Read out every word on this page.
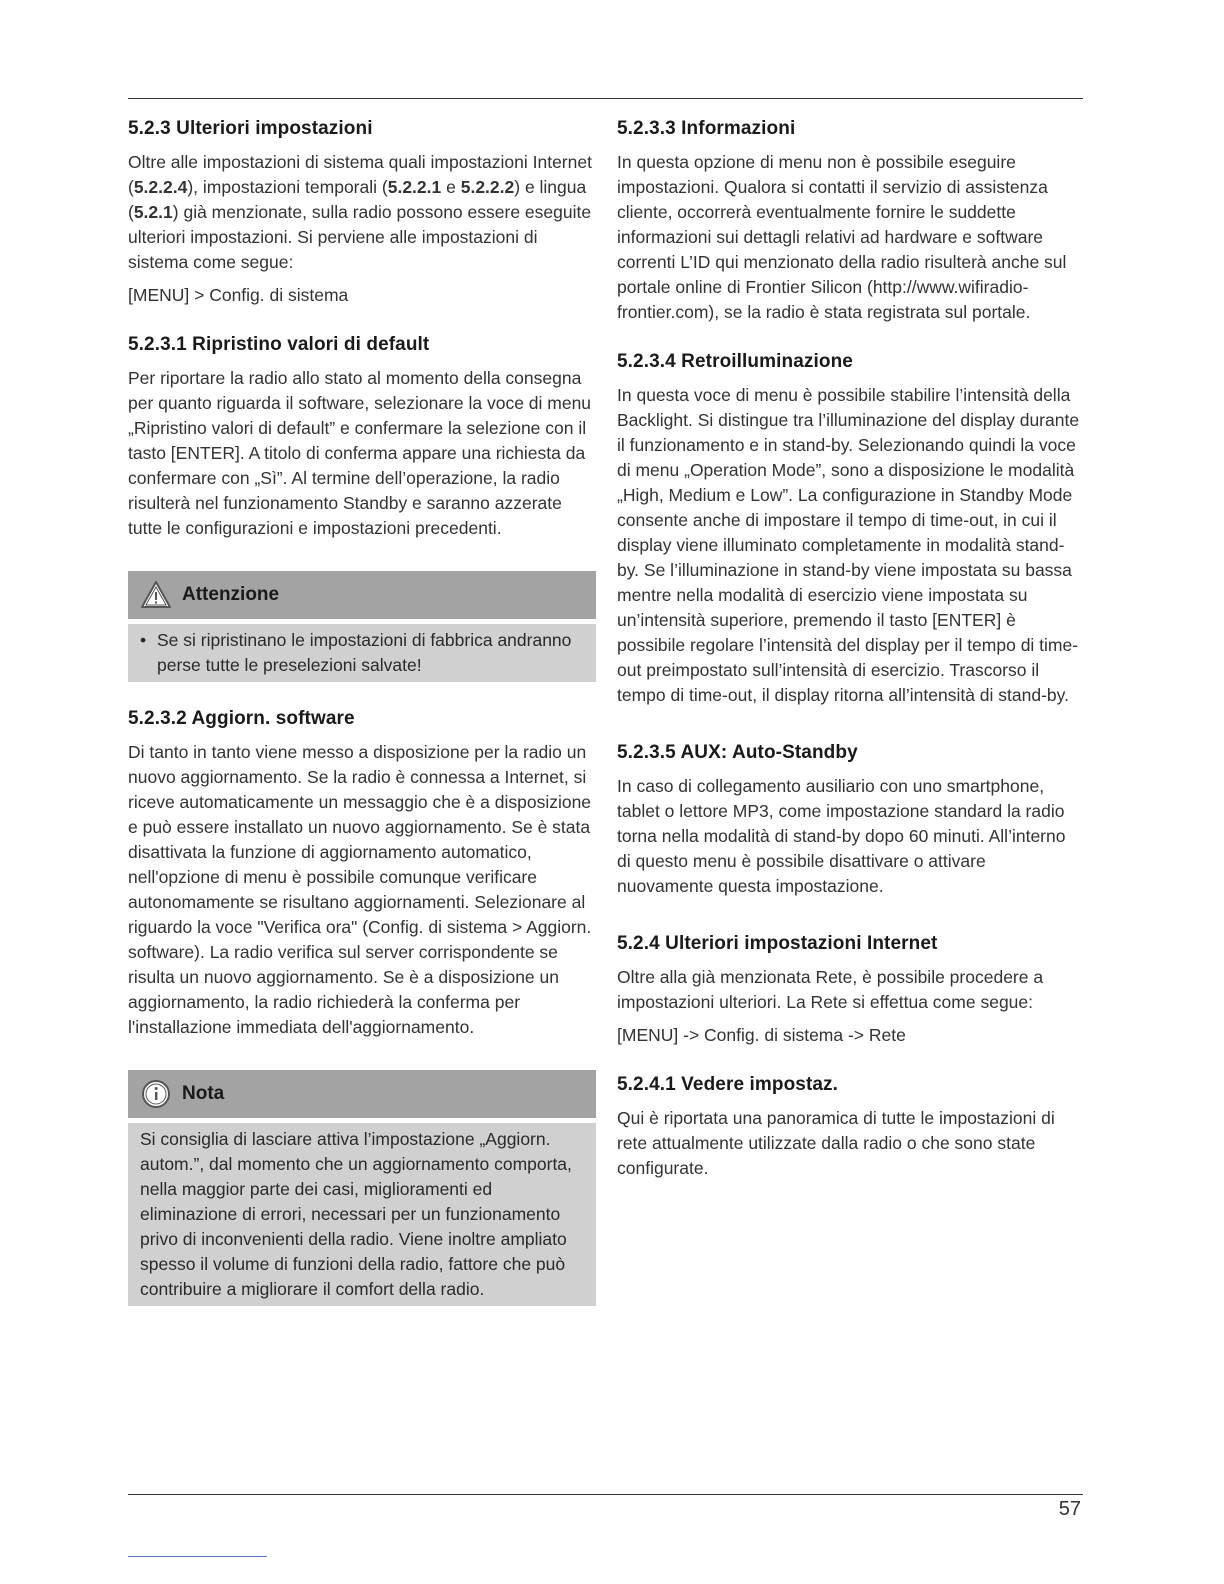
5.2.3 Ulteriori impostazioni

Oltre alle impostazioni di sistema quali impostazioni Internet (5.2.2.4), impostazioni temporali (5.2.2.1 e 5.2.2.2) e lingua (5.2.1) già menzionate, sulla radio possono essere eseguite ulteriori impostazioni. Si perviene alle impostazioni di sistema come segue:

[MENU] > Config. di sistema

5.2.3.1 Ripristino valori di default

Per riportare la radio allo stato al momento della consegna per quanto riguarda il software, selezionare la voce di menu „Ripristino valori di default” e confermare la selezione con il tasto [ENTER]. A titolo di conferma appare una richiesta da confermare con „Sì”. Al termine dell’operazione, la radio risulterà nel funzionamento Standby e saranno azzerate tutte le configurazioni e impostazioni precedenti.

Attenzione
• Se si ripristinano le impostazioni di fabbrica andranno perse tutte le preselezioni salvate!
5.2.3.2 Aggiorn. software

Di tanto in tanto viene messo a disposizione per la radio un nuovo aggiornamento. Se la radio è connessa a Internet, si riceve automaticamente un messaggio che è a disposizione e può essere installato un nuovo aggiornamento. Se è stata disattivata la funzione di aggiornamento automatico, nell'opzione di menu è possibile comunque verificare autonomamente se risultano aggiornamenti. Selezionare al riguardo la voce "Verifica ora" (Config. di sistema > Aggiorn. software). La radio verifica sul server corrispondente se risulta un nuovo aggiornamento. Se è a disposizione un aggiornamento, la radio richiederà la conferma per l'installazione immediata dell'aggiornamento.

Nota
Si consiglia di lasciare attiva l’impostazione „Aggiorn. autom.”, dal momento che un aggiornamento comporta, nella maggior parte dei casi, miglioramenti ed eliminazione di errori, necessari per un funzionamento privo di inconvenienti della radio. Viene inoltre ampliato spesso il volume di funzioni della radio, fattore che può contribuire a migliorare il comfort della radio.
5.2.3.3 Informazioni

In questa opzione di menu non è possibile eseguire impostazioni. Qualora si contatti il servizio di assistenza cliente, occorrerà eventualmente fornire le suddette informazioni sui dettagli relativi ad hardware e software correnti L’ID qui menzionato della radio risulterà anche sul portale online di Frontier Silicon (http://www.wifiradio-frontier.com), se la radio è stata registrata sul portale.

5.2.3.4 Retroilluminazione

In questa voce di menu è possibile stabilire l’intensità della Backlight. Si distingue tra l’illuminazione del display durante il funzionamento e in stand-by. Selezionando quindi la voce di menu „Operation Mode”, sono a disposizione le modalità „High, Medium e Low”. La configurazione in Standby Mode consente anche di impostare il tempo di time-out, in cui il display viene illuminato completamente in modalità stand-by. Se l’illuminazione in stand-by viene impostata su bassa mentre nella modalità di esercizio viene impostata su un’intensità superiore, premendo il tasto [ENTER] è possibile regolare l’intensità del display per il tempo di time-out preimpostato sull’intensità di esercizio. Trascorso il tempo di time-out, il display ritorna all’intensità di stand-by.

5.2.3.5 AUX: Auto-Standby

In caso di collegamento ausiliario con uno smartphone, tablet o lettore MP3, come impostazione standard la radio torna nella modalità di stand-by dopo 60 minuti. All’interno di questo menu è possibile disattivare o attivare nuovamente questa impostazione.

5.2.4 Ulteriori impostazioni Internet

Oltre alla già menzionata Rete, è possibile procedere a impostazioni ulteriori. La Rete si effettua come segue:

[MENU] -> Config. di sistema -> Rete

5.2.4.1 Vedere impostaz.

Qui è riportata una panoramica di tutte le impostazioni di rete attualmente utilizzate dalla radio o che sono state configurate.

57
